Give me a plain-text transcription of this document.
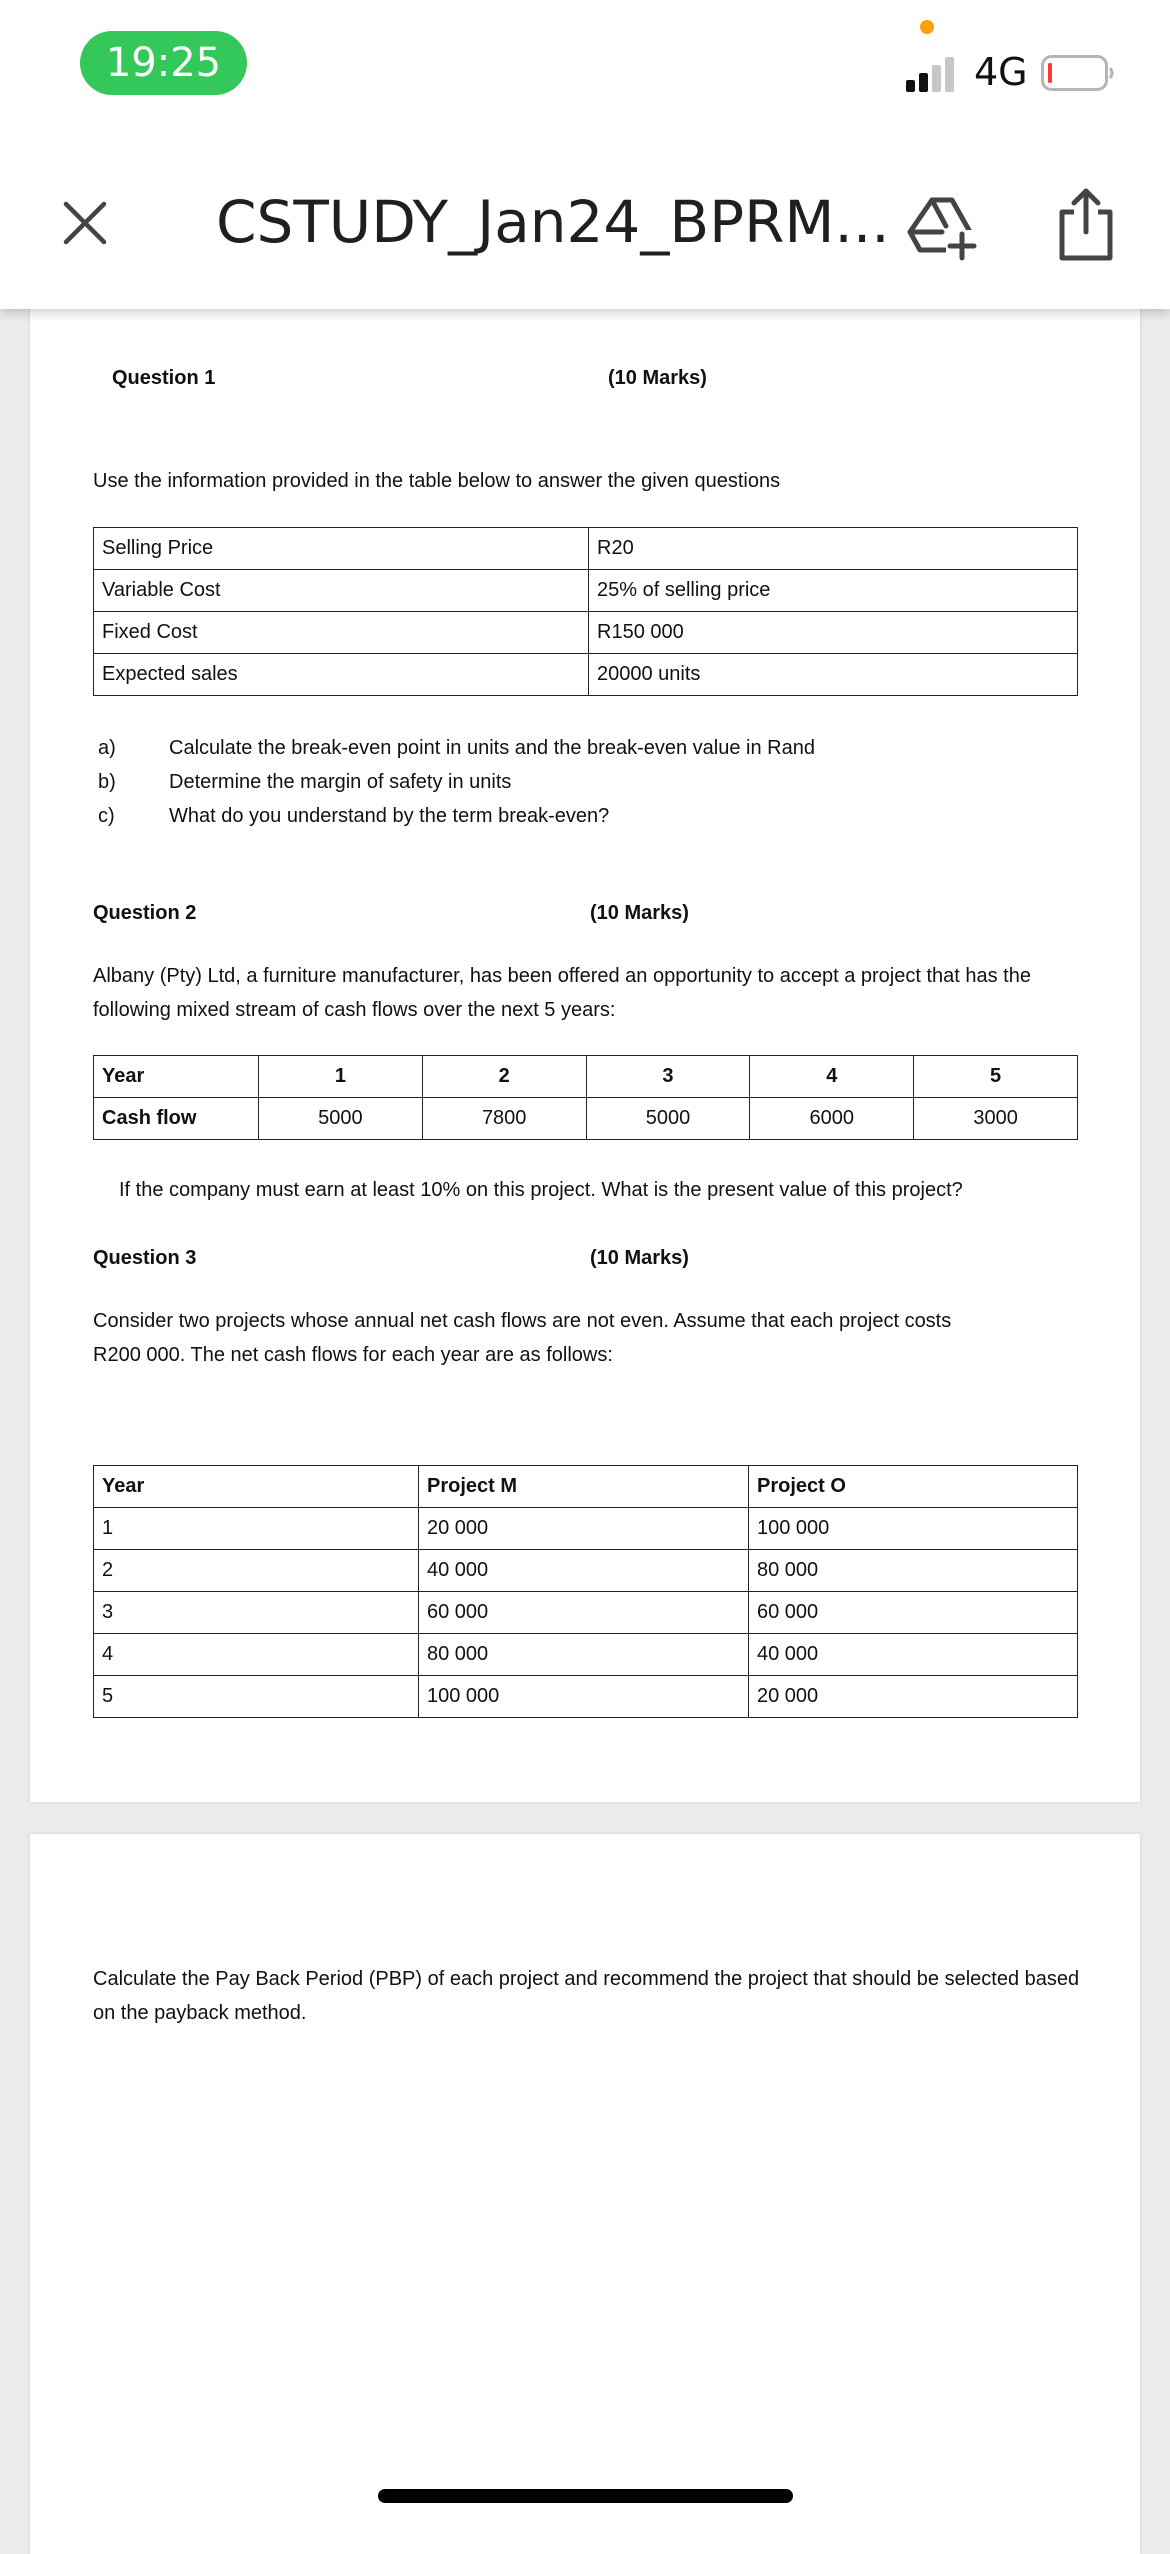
19:25	4G
CSTUDY_Jan24_BPRM...
Question 1	(10 Marks)
Use the information provided in the table below to answer the given questions
Selling Price	R20
Variable Cost	25% of selling price
Fixed Cost	R150 000
Expected sales	20000 units
a)	Calculate the break-even point in units and the break-even value in Rand
b)	Determine the margin of safety in units
c)	What do you understand by the term break-even?
Question 2	(10 Marks)
Albany (Pty) Ltd, a furniture manufacturer, has been offered an opportunity to accept a project that has the following mixed stream of cash flows over the next 5 years:
Year	1	2	3	4	5
Cash flow	5000	7800	5000	6000	3000
If the company must earn at least 10% on this project. What is the present value of this project?
Question 3	(10 Marks)
Consider two projects whose annual net cash flows are not even. Assume that each project costs
R200 000. The net cash flows for each year are as follows:
Year	Project M	Project O
1	20 000	100 000
2	40 000	80 000
3	60 000	60 000
4	80 000	40 000
5	100 000	20 000
Calculate the Pay Back Period (PBP) of each project and recommend the project that should be selected based on the payback method.
